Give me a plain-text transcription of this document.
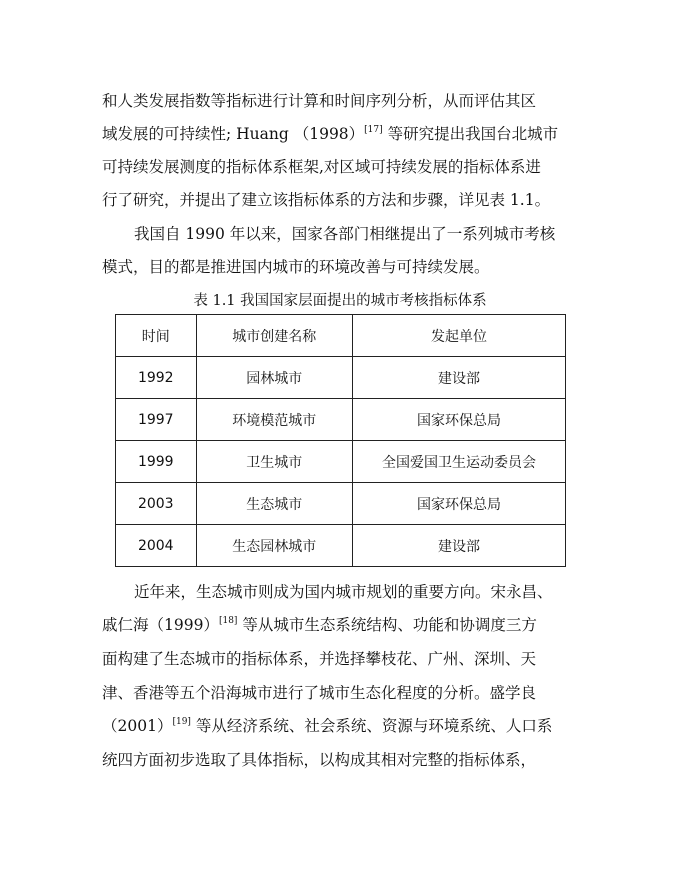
和人类发展指数等指标进行计算和时间序列分析，从而评估其区
域发展的可持续性; Huang （1998）[17] 等研究提出我国台北城市
可持续发展测度的指标体系框架,对区域可持续发展的指标体系进
行了研究，并提出了建立该指标体系的方法和步骤，详见表 1.1。
我国自 1990 年以来，国家各部门相继提出了一系列城市考核
模式，目的都是推进国内城市的环境改善与可持续发展。
表 1.1 我国国家层面提出的城市考核指标体系
时间	城市创建名称	发起单位
1992	园林城市	建设部
1997	环境模范城市	国家环保总局
1999	卫生城市	全国爱国卫生运动委员会
2003	生态城市	国家环保总局
2004	生态园林城市	建设部
近年来，生态城市则成为国内城市规划的重要方向。宋永昌、
戚仁海（1999）[18] 等从城市生态系统结构、功能和协调度三方
面构建了生态城市的指标体系，并选择攀枝花、广州、深圳、天
津、香港等五个沿海城市进行了城市生态化程度的分析。盛学良
（2001）[19] 等从经济系统、社会系统、资源与环境系统、人口系
统四方面初步选取了具体指标，以构成其相对完整的指标体系，
